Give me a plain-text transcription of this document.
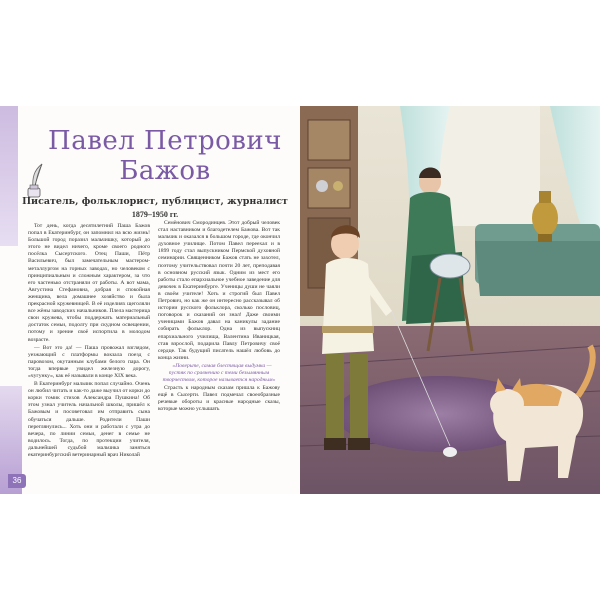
Павел Петрович
Бажов
Писатель, фольклорист, публицист, журналист
1879–1950 гг.

Тот день, когда десятилетний Паша Бажов попал в Екатеринбург, он запомнил на всю жизнь! Большой город поразил мальчишку, который до этого не видел ничего, кроме своего родного посёлка Сысертского. Отец Паши, Пётр Васильевич, был замечательным мастером-металлургом на горных заводах, но человеком с принципиальным и сложным характером, за что его частенько отстраняли от работы. А вот мама, Августина Стефановна, добрая и спокойная женщина, вела домашнее хозяйство и была прекрасной кружевницей. В её изделиях щеголяли все жёны заводских начальников. Плела мастерица свои кружева, чтобы поддержать материальный достаток семьи, подолгу при скудном освещении, потому и зрение своё испортила в молодом возрасте.

— Вот это да! — Паша провожал взглядом, уезжающий с платформы вокзала поезд с паровозом, окутанным клубами белого пара. Он тогда впервые увидел железную дорогу, «чугунку», как её называли в конце XIX века.

В Екатеринбург мальчик попал случайно. Очень он любил читать и как-то даже выучил от корки до корки томик стихов Александра Пушкина! Об этом узнал учитель начальной школы, пришёл к Бажовым и посоветовал им отправить сына обучаться дальше. Родители Паши переглянулись... Хоть они и работали с утра до вечера, по линии семьи, денег в семье не водилось. Тогда, по протекции учителя, дальнейшей судьбой мальчика заняться екатеринбургский ветеринарный врач Николай

Семёнович Смородинцев. Этот добрый человек стал наставником и благодетелем Бажова. Вот так мальчик и оказался в большом городе, где окончил духовное училище. Потом Павел переехал и в 1899 году стал выпускником Пермской духовной семинарии. Священником Бажов стать не захотел, поэтому учительствовал почти 20 лет, преподавая в основном русский язык. Одним из мест его работы стало епархиальное учебное заведение для девочек в Екатеринбурге. Ученицы души не чаяли в своём учителе! Хоть и строгий был Павел Петрович, но как же он интересно рассказывал об истории русского фольклора, сколько пословиц, поговорок и сказаний он знал! Даже своими ученицами Бажов давал на каникулы задание собирать фольклор. Одна из выпускниц епархиального училища, Валентина Иваницкая, став взрослой, подарила Павлу Петровичу своё сердце. Так будущий писатель нашёл любовь до конца жизни.

«Поверьте, самая блестящая выдумка — пустяк по сравнению с теми безымянным творчеством, которое называется народным»

Страсть к народным сказам пришла к Бажову ещё в Сысерти. Павел подмечал своеобразные речевые обороты и красные народные сказы, которые можно услышать

36
